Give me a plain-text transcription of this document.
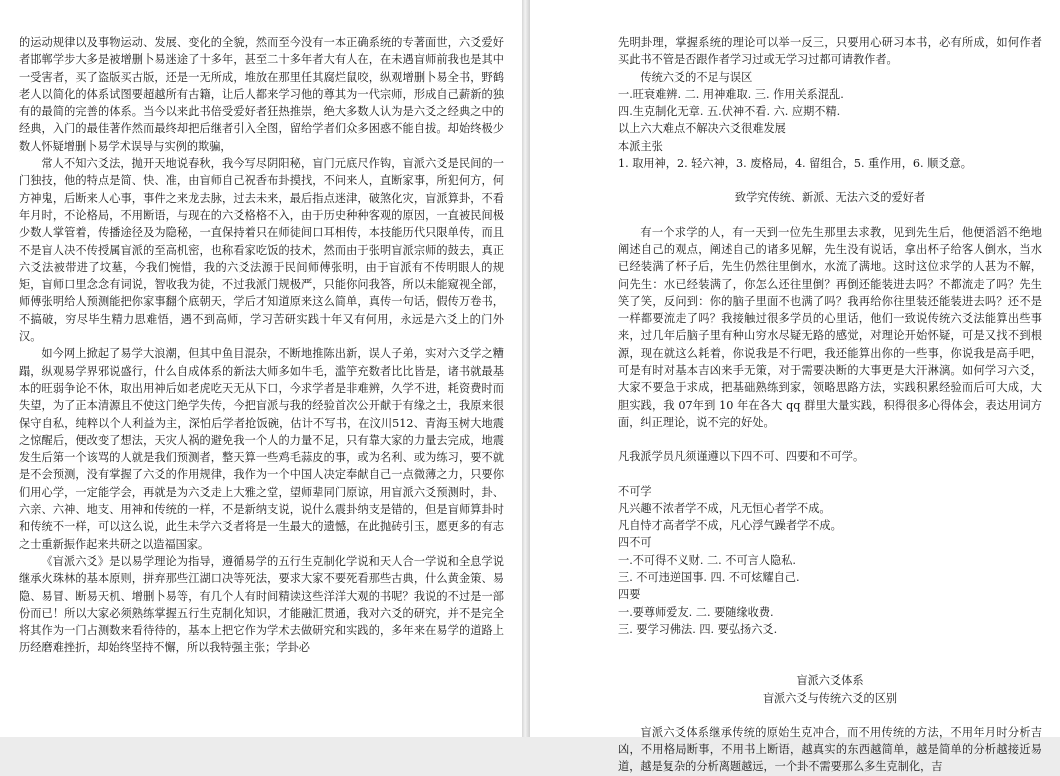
的运动规律以及事物运动、发展、变化的全貌，然而至今没有一本正确系统的专著面世，六爻爱好者邯郸学步大多是被增删卜易迷途了十多年，甚至二十多年者大有人在，在未遇盲师前我也是其中一受害者，买了盗版买古版，还是一无所成，堆放在那里任其腐烂鼠咬，纵观增删卜易全书，野鹤老人以简化的体系试图要超越所有古籍，让后人都来学习他的尊其为一代宗师，形成自己薪新的独有的最简的完善的体系。当今以来此书倍受爱好者狂热推崇，绝大多数人认为是六爻之经典之中的经典，入门的最佳著作然而最终却把后继者引入全图，留给学者们众多困惑不能自拔。却始终极少数人怀疑增删卜易学术误导与实例的欺骗，

常人不知六爻法，抛开天地说春秋，我今写尽阴阳秘，盲门元底尺作钩，盲派六爻是民间的一门独技，他的特点是简、快、准，由盲师自己祝香布卦摸找，不问来人，直断家事，所犯何方，何方神鬼，后断来人心事，事件之来龙去脉，过去未来，最后指点迷津，破煞化灾，盲派算卦，不看年月时，不论格局，不用断语，与现在的六爻格格不入，由于历史种种客观的原因，一直被民间极少数人掌管着，传播途径及为隐秘，一直保持着只在师徒间口耳相传，本技能历代只限单传，而且不是盲人决不传授属盲派的至高机密，也称看家吃饭的技术，然而由于张明盲派宗师的鼓去，真正六爻法被带进了坟墓，今我们惋惜，我的六爻法源于民间师傅张明，由于盲派有不传明眼人的规矩，盲师口里念念有词说，智收我为徒，不过我派门规极严，只能你问我答，所以未能窥视全部，师傅张明给人预测能把你家事翻个底朝天，学后才知道原来这么简单，真传一句话，假传万卷书，不搞破，穷尽毕生精力思难悟，遇不到高师，学习苦研实践十年又有何用，永远是六爻上的门外汉。

如今网上掀起了易学大浪潮，但其中鱼目混杂，不断地推陈出新，误人子弟，实对六爻学之糟蹋，纵观易学界邪说盛行，什么自成体系的新法大师多如牛毛，滥竽充数者比比皆是，诸书就最基本的旺弱争论不休，取出用神后如老虎吃天无从下口，今求学者是非难辨，久学不进，耗资费时而失望，为了正本清源且不使这门绝学失传，今把盲派与我的经验首次公开献于有缘之士，我原来很保守自私，纯粹以个人利益为主，深怕后学者抢饭碗，估计不写书，在汶川512、青海玉树大地震之惊醒后，便改变了想法，天灾人祸的避免我一个人的力量不足，只有靠大家的力量去完成，地震发生后第一个该骂的人就是我们预测者，整天算一些鸡毛蒜皮的事，或为名利、或为练习，要不就是不会预测，没有掌握了六爻的作用规律，我作为一个中国人决定奉献自己一点微薄之力，只要你们用心学，一定能学会，再就是为六爻走上大雅之堂，望师辈同门原谅，用盲派六爻预测时，卦、六亲、六神、地支、用神和传统的一样，不是新纳支说，说什么震卦纳支是错的，但是盲师算卦时和传统不一样，可以这么说，此生未学六爻者将是一生最大的遗憾，在此抛砖引玉，愿更多的有志之士重新振作起来共研之以造福国家。

《盲派六爻》是以易学理论为指导，遵循易学的五行生克制化学说和天人合一学说和全息学说继承火珠林的基本原则，拼弃那些江湖口决等死法，要求大家不要死看那些古典，什么黄金策、易隐、易冒、断易天机、增删卜易等，有几个人有时间精读这些洋洋大观的书呢？我说的不过是一部份而已！所以大家必须熟练掌握五行生克制化知识，才能融汇贯通，我对六爻的研究，并不是完全将其作为一门占测数来看待待的，基本上把它作为学术去做研究和实践的，多年来在易学的道路上历经磨难挫折，却始终坚持不懈，所以我特强主张；学卦必

先明卦理，掌握系统的理论可以举一反三，只要用心研习本书，必有所成，如何作者买此书不管是否跟作者学习过或无学习过都可请教作者。

传统六爻的不足与误区

一.旺衰难辨. 二. 用神难取. 三. 作用关系混乱.

四.生克制化无章. 五.伏神不看. 六. 应期不精.

以上六大难点不解决六爻很难发展

本派主张

1. 取用神，2. 轻六神，3. 废格局，4. 留组合，5. 重作用，6. 顺爻意。

致学究传统、新派、无法六爻的爱好者

有一个求学的人，有一天到一位先生那里去求教，见到先生后，他便滔滔不绝地阐述自己的观点，阐述自己的诸多见解，先生没有说话，拿出杯子给客人倒水，当水已经装满了杯子后，先生仍然往里倒水，水流了满地。这时这位求学的人甚为不解，问先生：水已经装满了，你怎么还往里倒？再倒还能装进去吗？不都流走了吗？先生笑了笑，反问到：你的脑子里面不也满了吗？我再给你往里装还能装进去吗？还不是一样都要流走了吗？我接触过很多学员的心里话，他们一致说传统六爻法能算出些事来，过几年后脑子里有种山穷水尽疑无路的感觉，对理论开始怀疑，可是又找不到根源，现在就这么耗着，你说我是不行吧，我还能算出你的一些事，你说我是高手吧，可是有时对基本吉凶来手无策，对于需要决断的大事更是大汗淋漓。如何学习六爻，大家不要急于求成，把基础熟练到家，领略思路方法，实践积累经验而后可大成，大胆实践，我 07年到 10 年在各大 qq 群里大量实践，积得很多心得体会，表达用词方面，纠正理论，说不完的好处。

凡我派学员凡须谨遵以下四不可、四要和不可学。

不可学

凡兴趣不浓者学不成，凡无恒心者学不成。

凡自恃才高者学不成，凡心浮气躁者学不成。

四不可

一.不可得不义财. 二. 不可言人隐私.

三. 不可违逆国事. 四. 不可炫耀自己.

四要

一.要尊师爱友. 二. 要随缘收费.

三. 要学习佛法. 四. 要弘扬六爻.

盲派六爻体系

盲派六爻与传统六爻的区别

盲派六爻体系继承传统的原始生克冲合，而不用传统的方法，不用年月时分析吉凶，不用格局断事，不用书上断语，越真实的东西越简单，越是简单的分析越接近易道，越是复杂的分析离题越远，一个卦不需要那么多生克制化，吉
